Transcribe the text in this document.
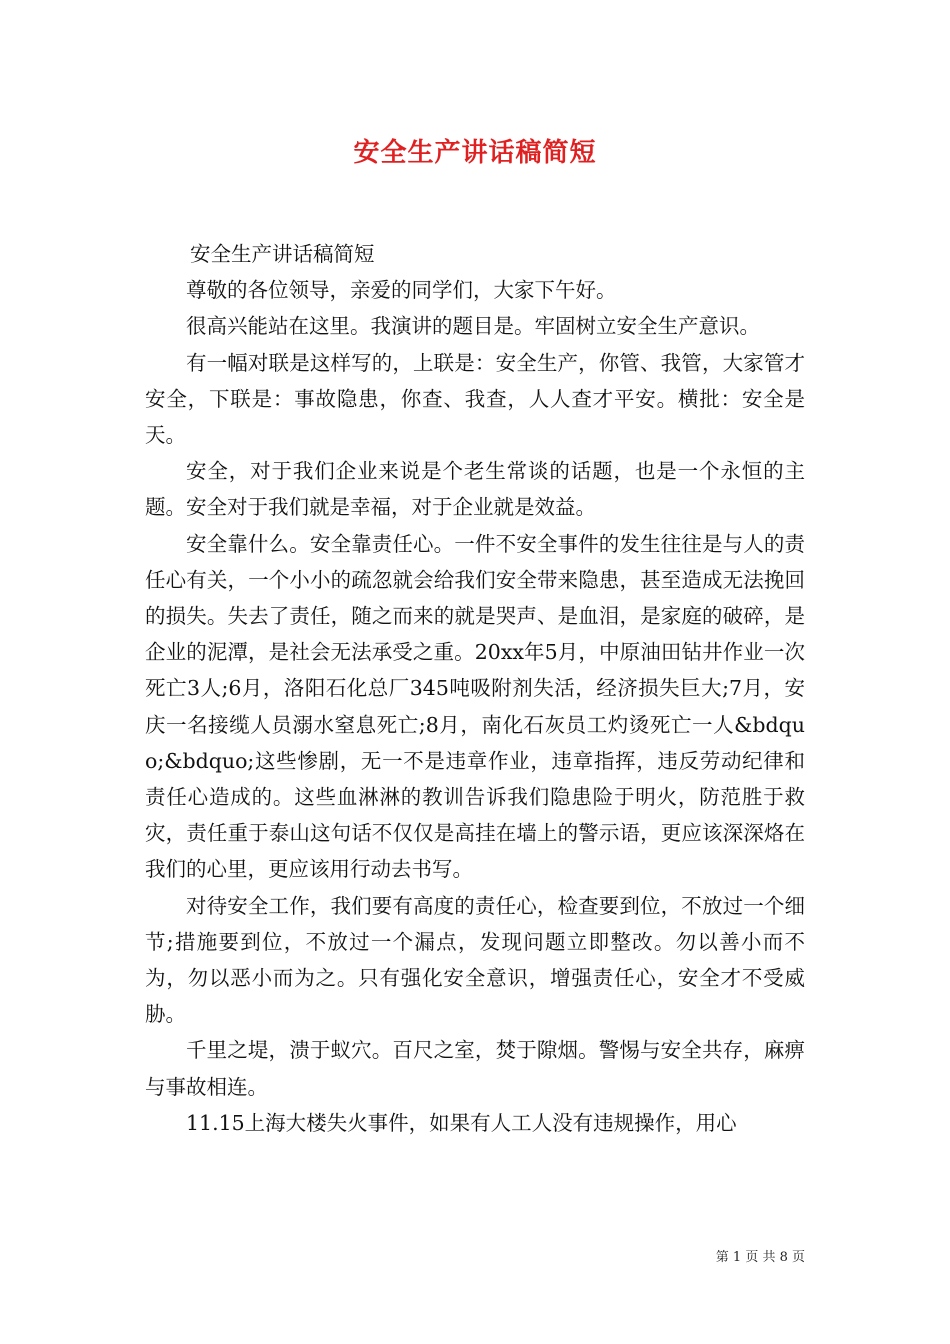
安全生产讲话稿简短

安全生产讲话稿简短

尊敬的各位领导，亲爱的同学们，大家下午好。

很高兴能站在这里。我演讲的题目是。牢固树立安全生产意识。

有一幅对联是这样写的，上联是：安全生产，你管、我管，大家管才安全，下联是：事故隐患，你查、我查，人人查才平安。横批：安全是天。

安全，对于我们企业来说是个老生常谈的话题，也是一个永恒的主题。安全对于我们就是幸福，对于企业就是效益。

安全靠什么。安全靠责任心。一件不安全事件的发生往往是与人的责任心有关，一个小小的疏忽就会给我们安全带来隐患，甚至造成无法挽回的损失。失去了责任，随之而来的就是哭声、是血泪，是家庭的破碎，是企业的泥潭，是社会无法承受之重。20xx年5月，中原油田钻井作业一次死亡3人;6月，洛阳石化总厂345吨吸附剂失活，经济损失巨大;7月，安庆一名接缆人员溺水窒息死亡;8月，南化石灰员工灼烫死亡一人&bdquo;&bdquo;这些惨剧，无一不是违章作业，违章指挥，违反劳动纪律和责任心造成的。这些血淋淋的教训告诉我们隐患险于明火，防范胜于救灾，责任重于泰山这句话不仅仅是高挂在墙上的警示语，更应该深深烙在我们的心里，更应该用行动去书写。

对待安全工作，我们要有高度的责任心，检查要到位，不放过一个细节;措施要到位，不放过一个漏点，发现问题立即整改。勿以善小而不为，勿以恶小而为之。只有强化安全意识，增强责任心，安全才不受威胁。

千里之堤，溃于蚁穴。百尺之室，焚于隙烟。警惕与安全共存，麻痹与事故相连。

11.15上海大楼失火事件，如果有人工人没有违规操作，用心

第 1 页 共 8 页
